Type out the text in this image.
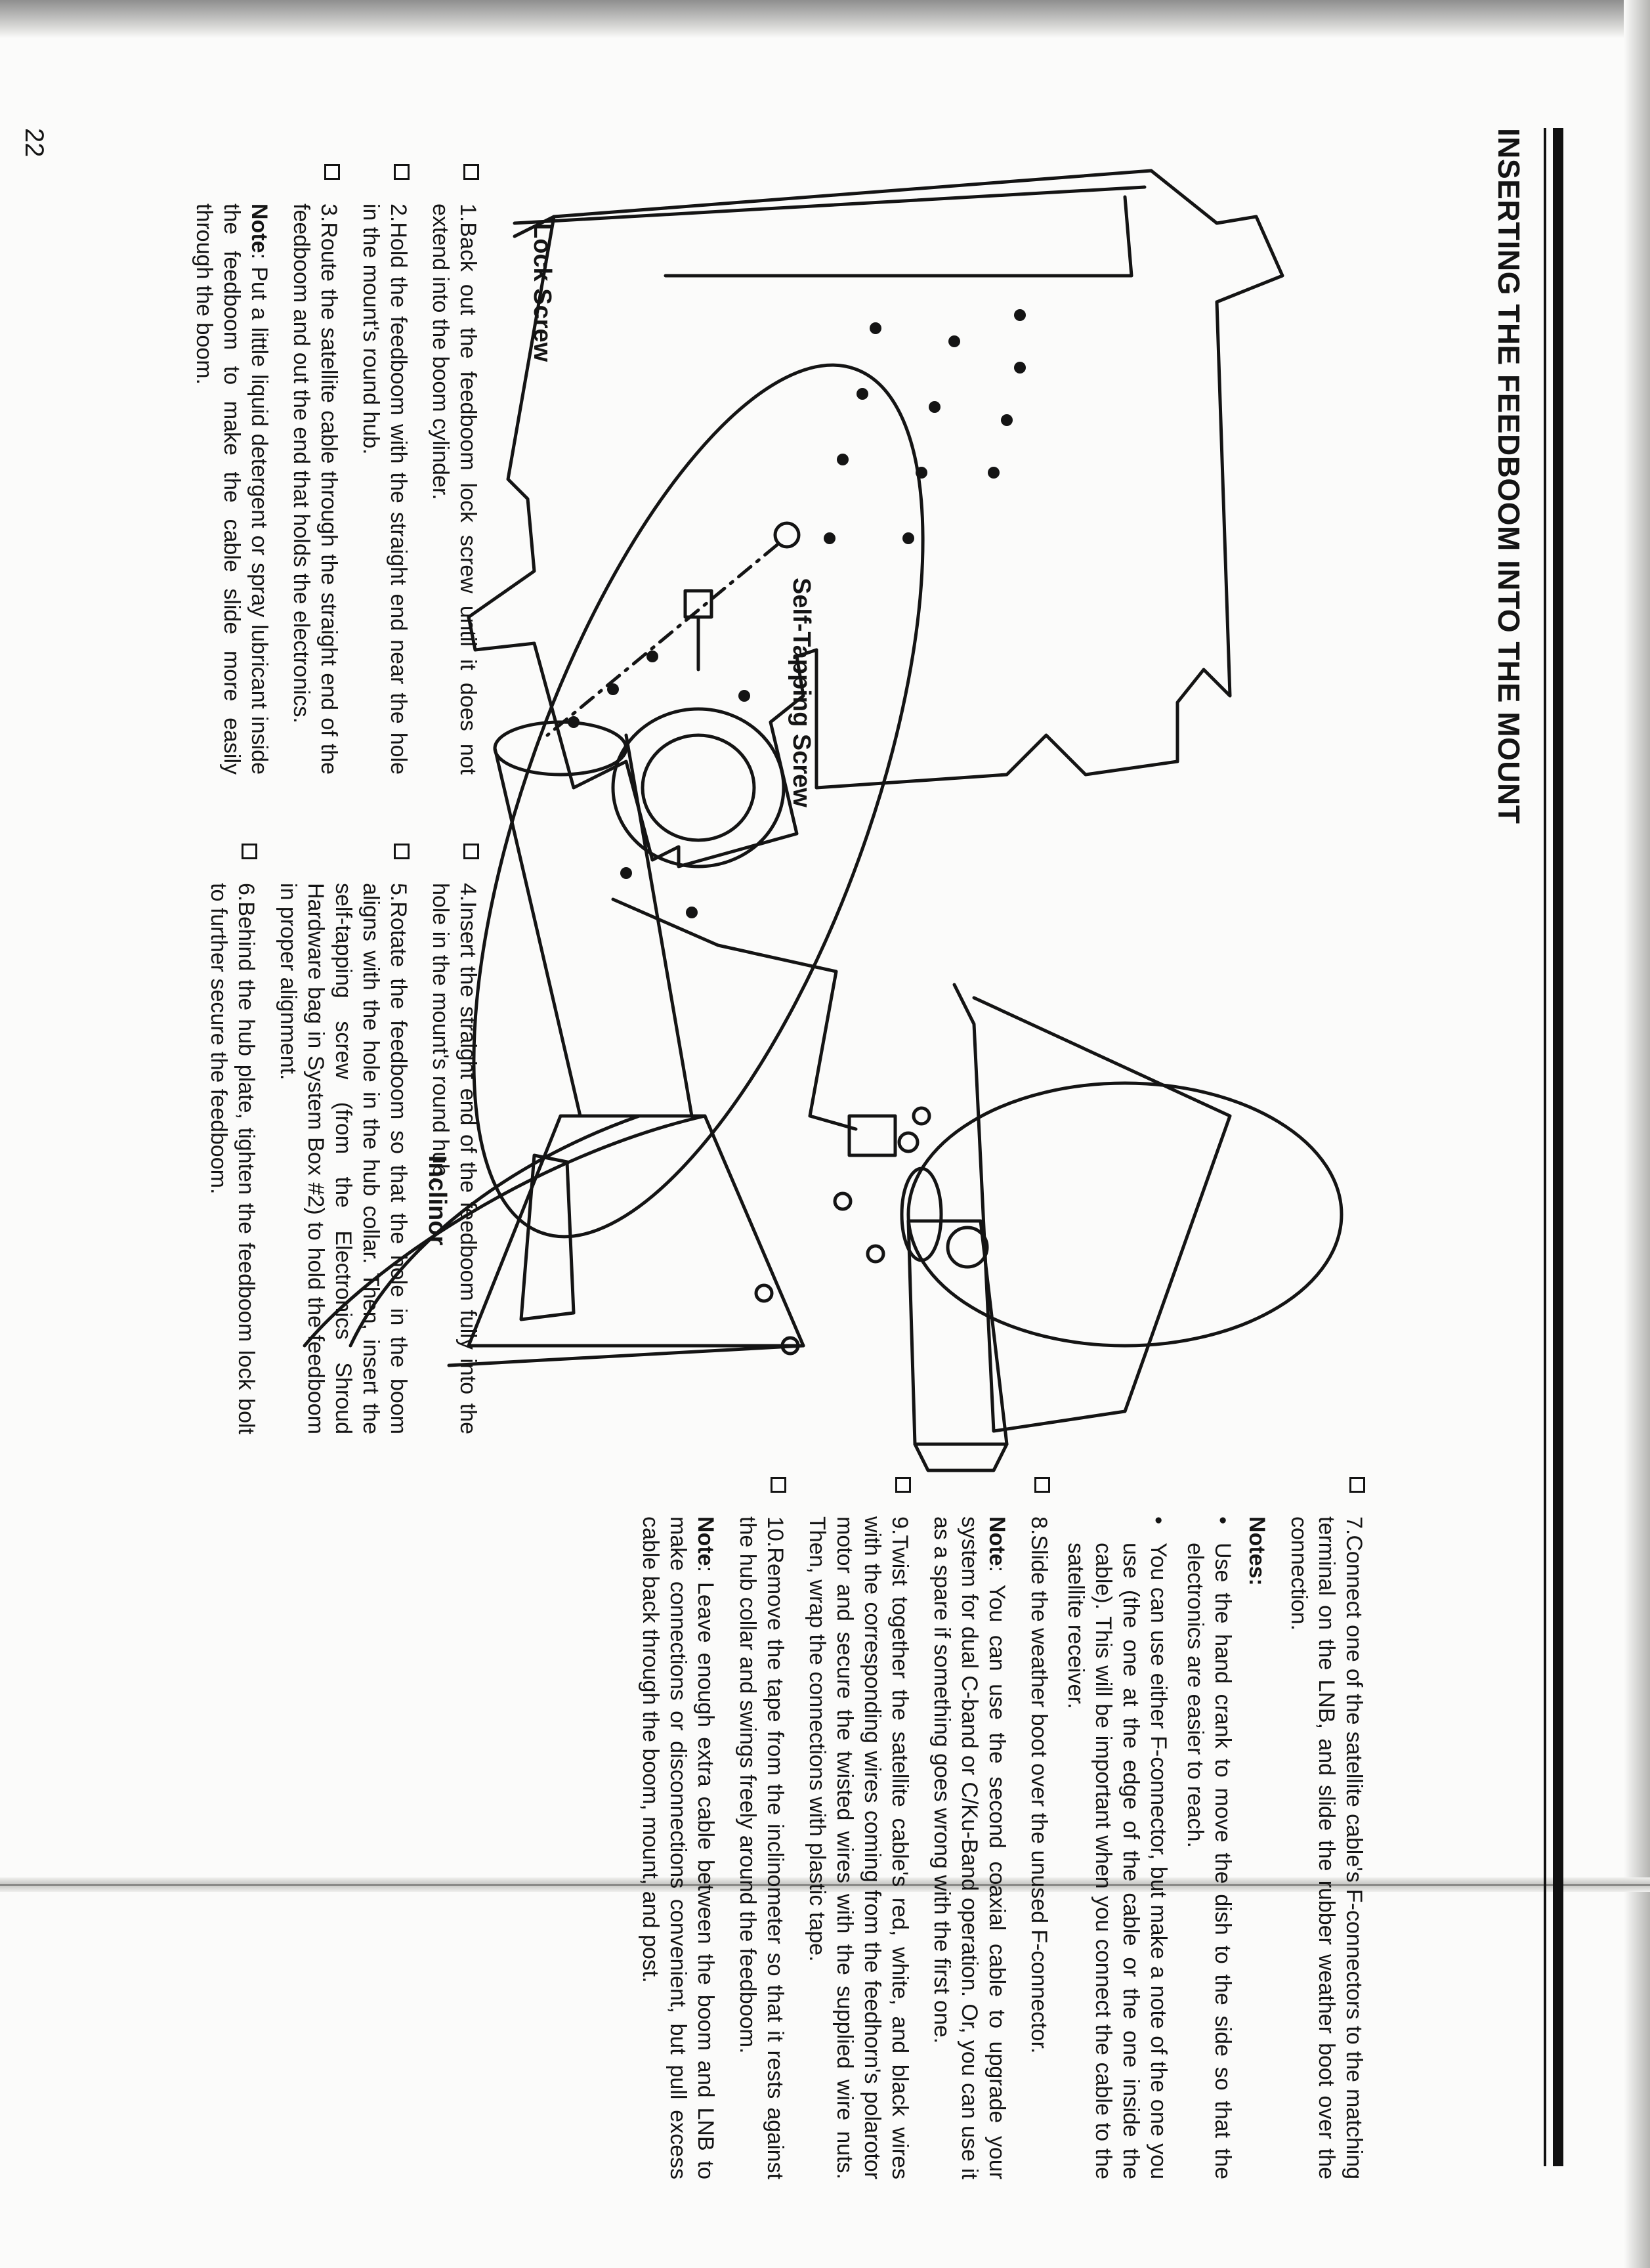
INSERTING THE FEEDBOOM INTO THE MOUNT
Lock Screw
Self-Tapping Screw
Inclinor

1.Back out the feedboom lock screw until it does not extend into the boom cylinder.

2.Hold the feedboom with the straight end near the hole in the mount's round hub.

3.Route the satellite cable through the straight end of the feedboom and out the end that holds the electronics.

Note: Put a little liquid detergent or spray lubricant inside the feedboom to make the cable slide more easily through the boom.

4.Insert the straight end of the feedboom fully into the hole in the mount's round hub.

5.Rotate the feedboom so that the hole in the boom aligns with the hole in the hub collar. Then, insert the self-tapping screw (from the Electronics Shroud Hardware bag in System Box #2) to hold the feedboom in proper alignment.

6.Behind the hub plate, tighten the feedboom lock bolt to further secure the feedboom.

7.Connect one of the satellite cable's F-connectors to the matching terminal on the LNB, and slide the rubber weather boot over the connection.

Notes:

•
Use the hand crank to move the dish to the side so that the electronics are easier to reach.

•
You can use either F-connector, but make a note of the one you use (the one at the edge of the cable or the one inside the cable). This will be important when you connect the cable to the satellite receiver.

8.Slide the weather boot over the unused F-connector.

Note: You can use the second coaxial cable to upgrade your system for dual C-band or C/Ku-Band operation. Or, you can use it as a spare if something goes wrong with the first one.

9.Twist together the satellite cable's red, white, and black wires with the corresponding wires coming from the feedhorn's polarotor motor and secure the twisted wires with the supplied wire nuts. Then, wrap the connections with plastic tape.

10.Remove the tape from the inclinometer so that it rests against the hub collar and swings freely around the feedboom.

Note: Leave enough extra cable between the boom and LNB to make connections or disconnections convenient, but pull excess cable back through the boom, mount, and post.

22
